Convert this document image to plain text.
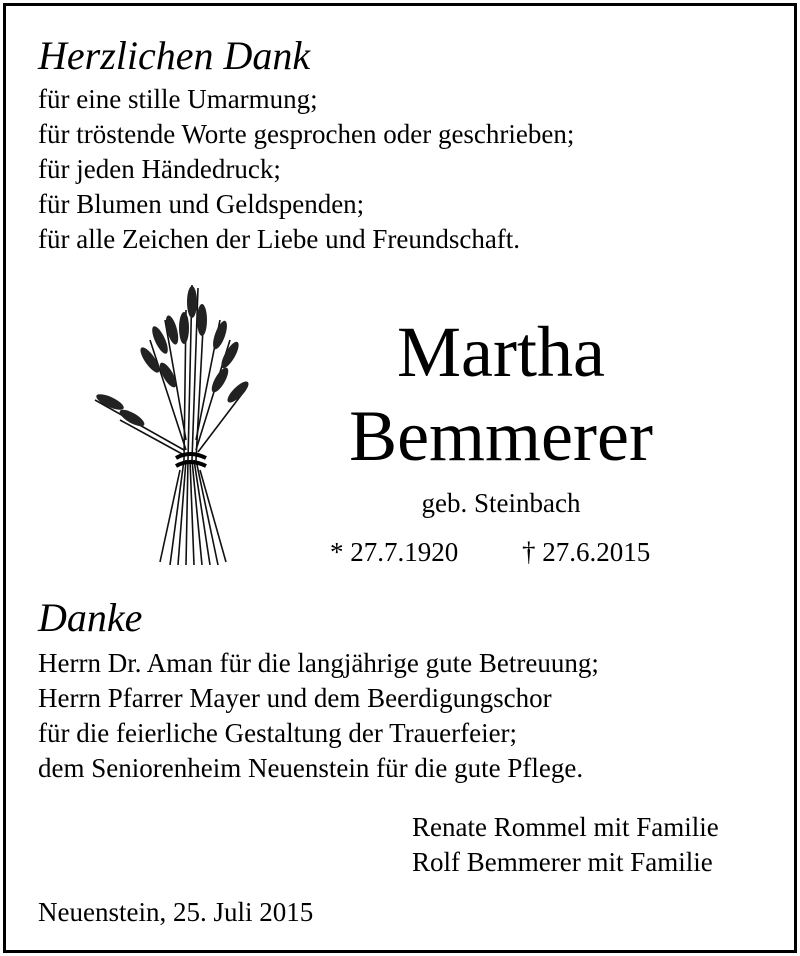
Herzlichen Dank
für eine stille Umarmung;
für tröstende Worte gesprochen oder geschrieben;
für jeden Händedruck;
für Blumen und Geldspenden;
für alle Zeichen der Liebe und Freundschaft.
Martha
Bemmerer
geb. Steinbach
* 27.7.1920 † 27.6.2015
Danke
Herrn Dr. Aman für die langjährige gute Betreuung;
Herrn Pfarrer Mayer und dem Beerdigungschor
für die feierliche Gestaltung der Trauerfeier;
dem Seniorenheim Neuenstein für die gute Pflege.
Renate Rommel mit Familie
Rolf Bemmerer mit Familie
Neuenstein, 25. Juli 2015
